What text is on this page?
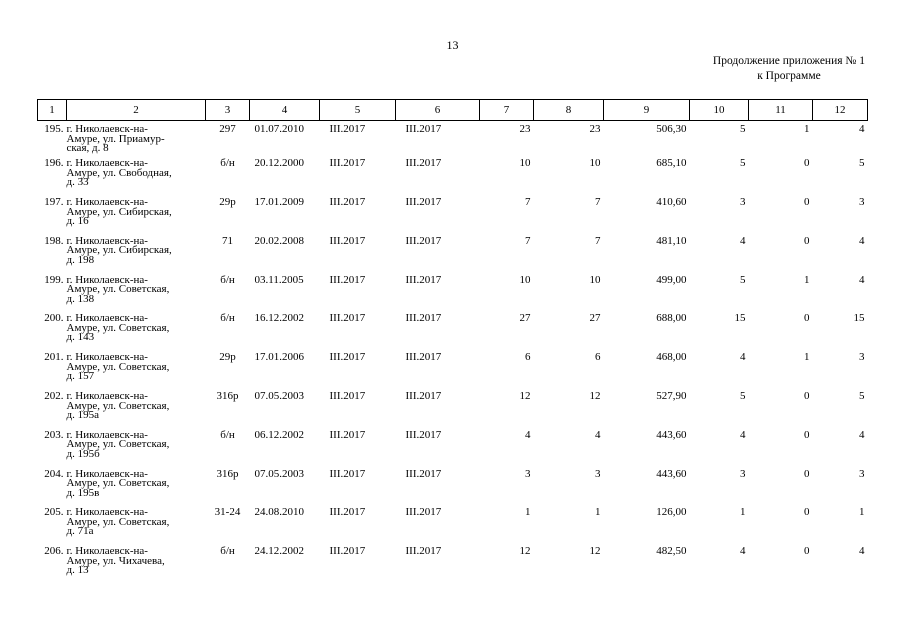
13
Продолжение приложения № 1
к Программе
1	2	3	4	5	6	7	8	9	10	11	12
195.	г. Николаевск-на-
Амуре, ул. Приамур-
ская, д. 8	297	01.07.2010	III.2017	III.2017	23	23	506,30	5	1	4
196.	г. Николаевск-на-
Амуре, ул. Свободная,
д. 33	б/н	20.12.2000	III.2017	III.2017	10	10	685,10	5	0	5
197.	г. Николаевск-на-
Амуре, ул. Сибирская,
д. 16	29р	17.01.2009	III.2017	III.2017	7	7	410,60	3	0	3
198.	г. Николаевск-на-
Амуре, ул. Сибирская,
д. 198	71	20.02.2008	III.2017	III.2017	7	7	481,10	4	0	4
199.	г. Николаевск-на-
Амуре, ул. Советская,
д. 138	б/н	03.11.2005	III.2017	III.2017	10	10	499,00	5	1	4
200.	г. Николаевск-на-
Амуре, ул. Советская,
д. 143	б/н	16.12.2002	III.2017	III.2017	27	27	688,00	15	0	15
201.	г. Николаевск-на-
Амуре, ул. Советская,
д. 157	29р	17.01.2006	III.2017	III.2017	6	6	468,00	4	1	3
202.	г. Николаевск-на-
Амуре, ул. Советская,
д. 195а	316р	07.05.2003	III.2017	III.2017	12	12	527,90	5	0	5
203.	г. Николаевск-на-
Амуре, ул. Советская,
д. 195б	б/н	06.12.2002	III.2017	III.2017	4	4	443,60	4	0	4
204.	г. Николаевск-на-
Амуре, ул. Советская,
д. 195в	316р	07.05.2003	III.2017	III.2017	3	3	443,60	3	0	3
205.	г. Николаевск-на-
Амуре, ул. Советская,
д. 71а	31-24	24.08.2010	III.2017	III.2017	1	1	126,00	1	0	1
206.	г. Николаевск-на-
Амуре, ул. Чихачева,
д. 13	б/н	24.12.2002	III.2017	III.2017	12	12	482,50	4	0	4
